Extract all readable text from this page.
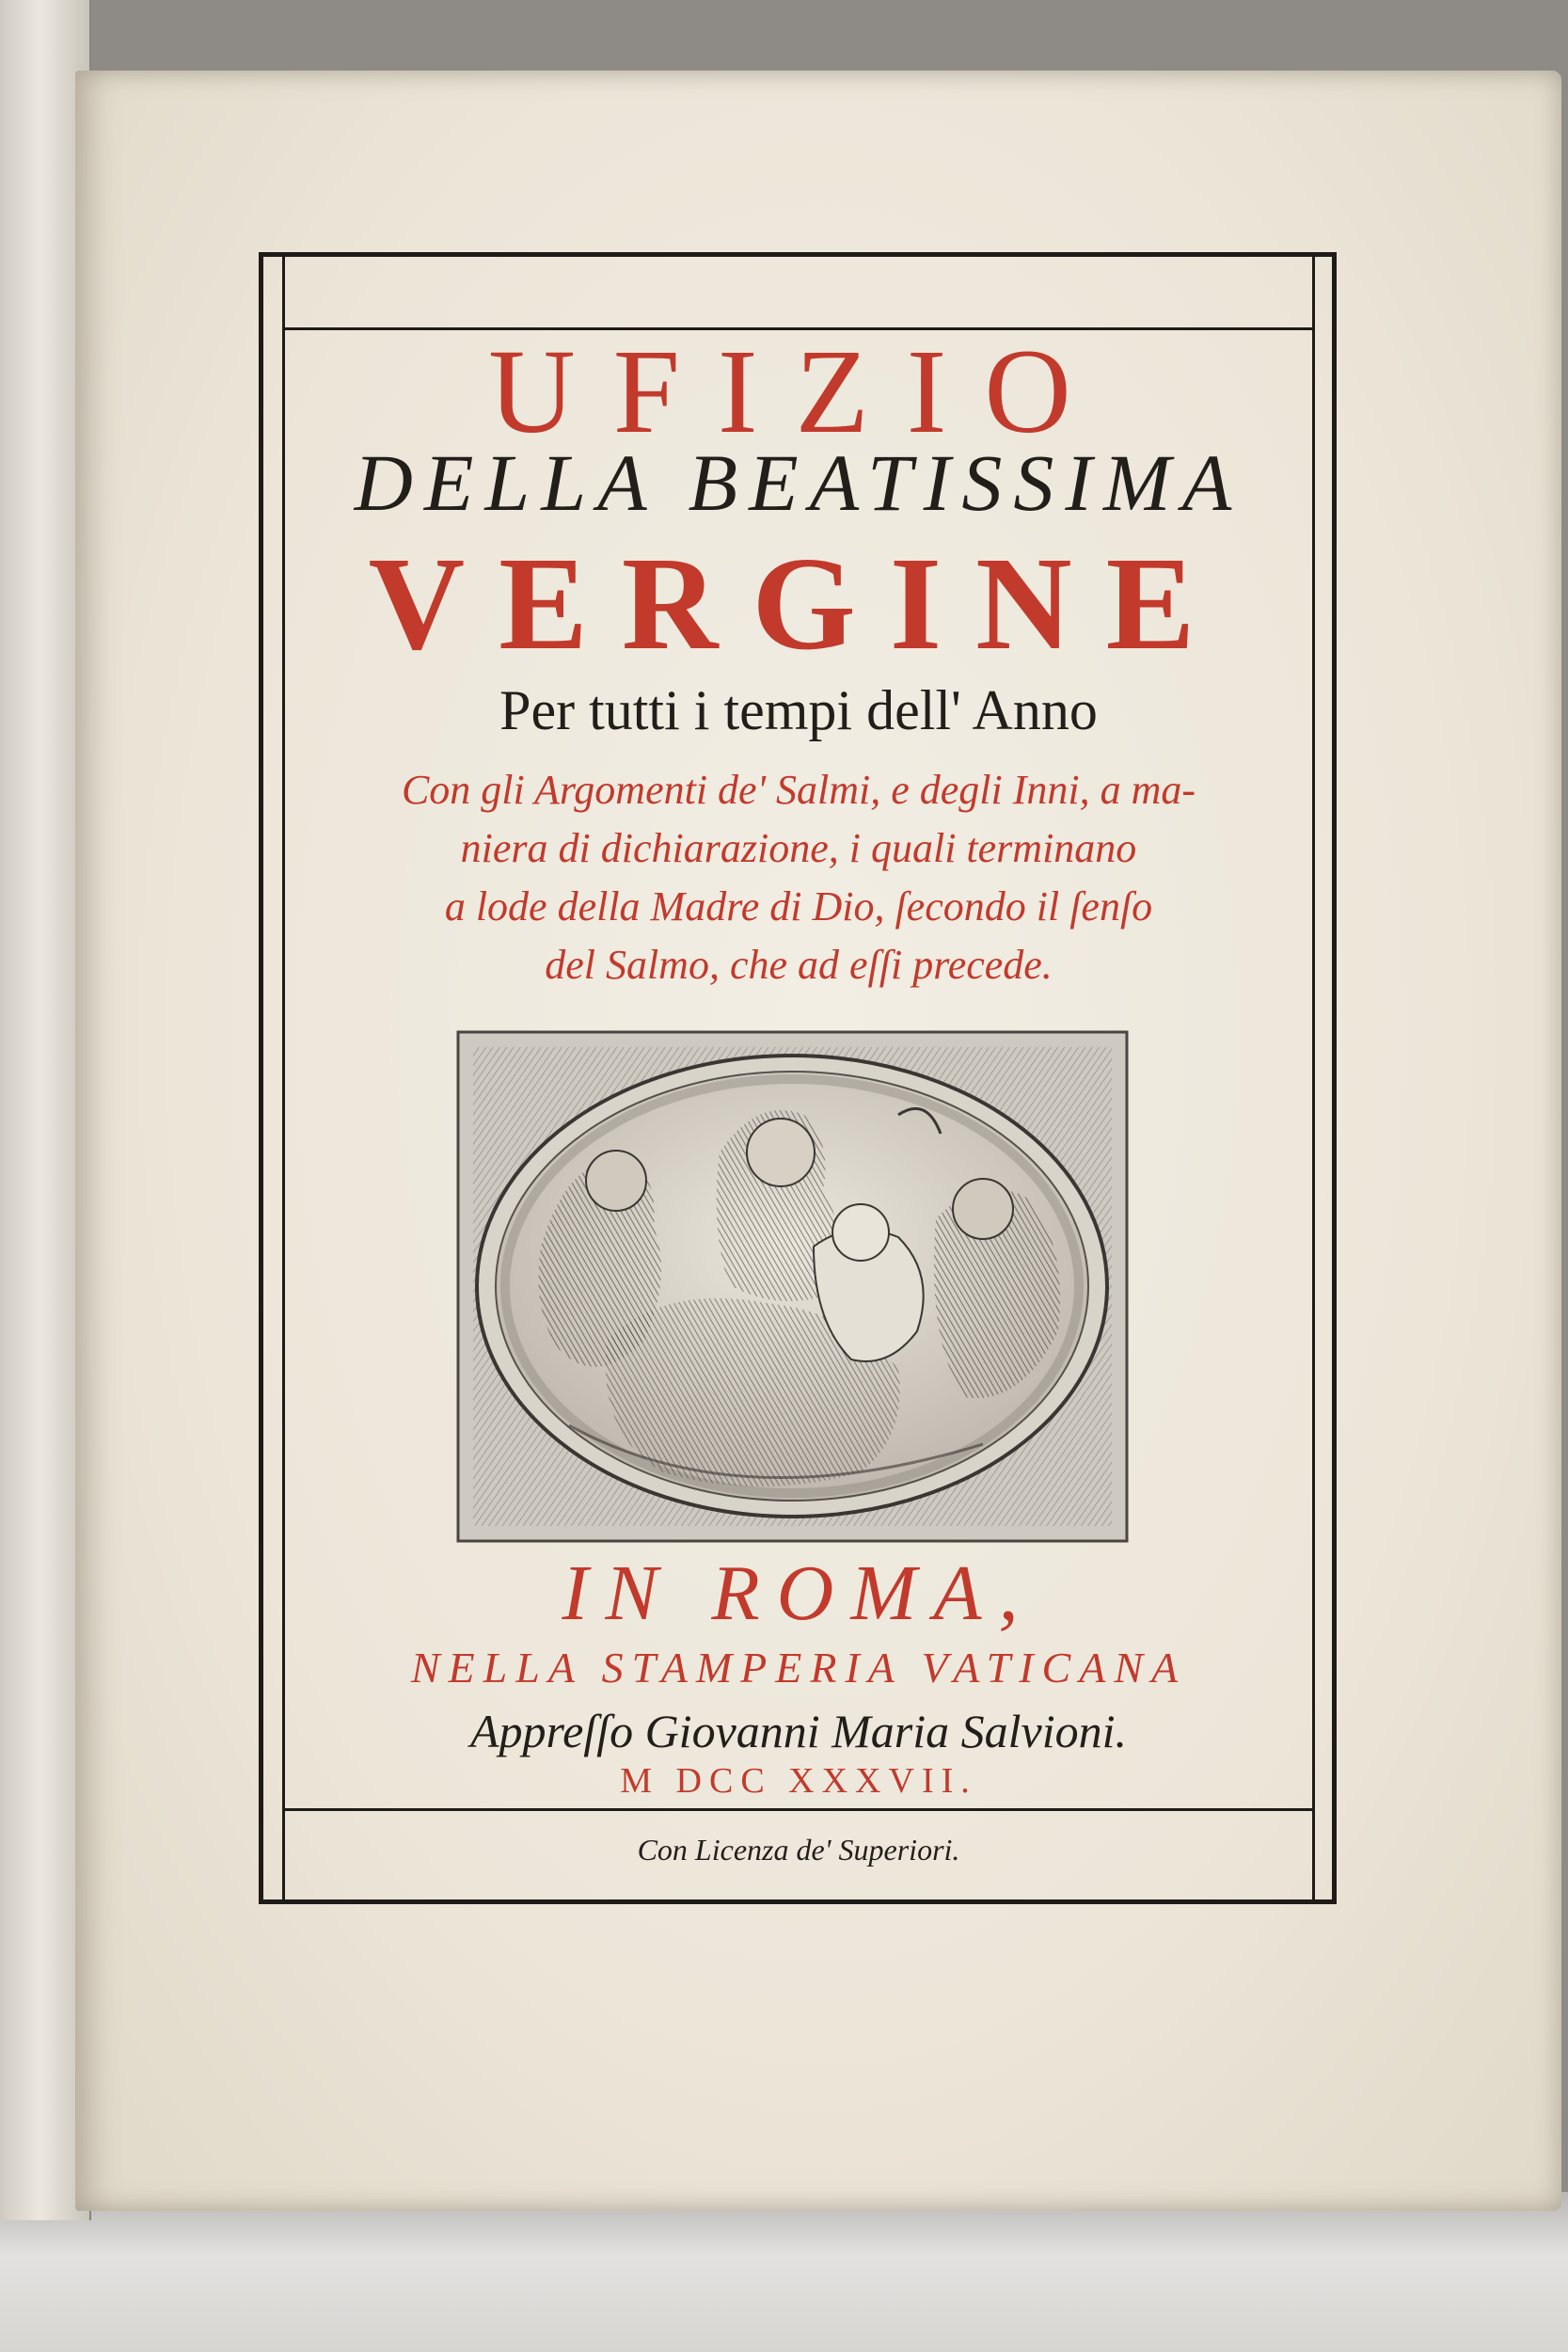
UFIZIO
DELLA BEATISSIMA
VERGINE
Per tutti i tempi dell' Anno
Con gli Argomenti de' Salmi, e degli Inni, a ma-
niera di dichiarazione, i quali terminano
a lode della Madre di Dio, ſecondo il ſenſo
del Salmo, che ad eſſi precede.
IN ROMA,
NELLA STAMPERIA VATICANA
Appreſſo Giovanni Maria Salvioni.
M DCC XXXVII.
Con Licenza de' Superiori.
